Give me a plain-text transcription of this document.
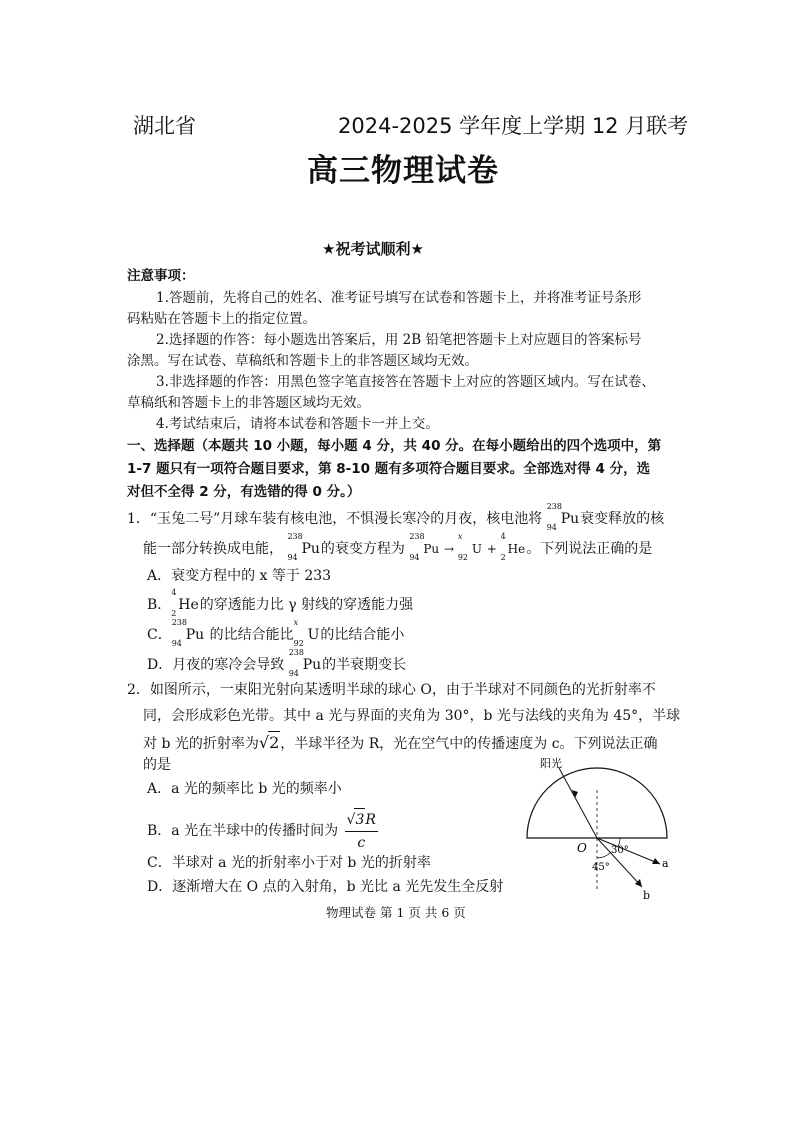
湖北省	2024-2025 学年度上学期 12 月联考
高三物理试卷
★祝考试顺利★
注意事项：
1.答题前，先将自己的姓名、准考证号填写在试卷和答题卡上，并将准考证号条形
码粘贴在答题卡上的指定位置。
2.选择题的作答：每小题选出答案后，用 2B 铅笔把答题卡上对应题目的答案标号
涂黑。写在试卷、草稿纸和答题卡上的非答题区域均无效。
3.非选择题的作答：用黑色签字笔直接答在答题卡上对应的答题区域内。写在试卷、
草稿纸和答题卡上的非答题区域均无效。
4.考试结束后，请将本试卷和答题卡一并上交。
一、选择题（本题共 10 小题，每小题 4 分，共 40 分。在每小题给出的四个选项中，第
1-7 题只有一项符合题目要求，第 8-10 题有多项符合题目要求。全部选对得 4 分，选
对但不全得 2 分，有选错的得 0 分。）
1．“玉兔二号”月球车装有核电池，不惧漫长寒冷的月夜，核电池将
238
94
Pu衰变释放的核
能一部分转换成电能，
238
94
Pu的衰变方程为
238
94
Pu →
x
92
U +
4
2
He。下列说法正确的是
A．衰变方程中的 x 等于 233
B．
4
2
He的穿透能力比 γ 射线的穿透能力强
C．
238
94
Pu 的比结合能比
x
92
U的比结合能小
D．月夜的寒冷会导致
238
94
Pu的半衰期变长
2．如图所示，一束阳光射向某透明半球的球心 O，由于半球对不同颜色的光折射率不
同，会形成彩色光带。其中 a 光与界面的夹角为 30°，b 光与法线的夹角为 45°，半球
对 b 光的折射率为√2，半球半径为 R，光在空气中的传播速度为 c。下列说法正确
的是
A．a 光的频率比 b 光的频率小
B．a 光在半球中的传播时间为 $\frac{√3R}{c}$
C．半球对 a 光的折射率小于对 b 光的折射率
D．逐渐增大在 O 点的入射角，b 光比 a 光先发生全反射
阳光
O 30°
45°	a
b
物理试卷 第 1 页 共 6 页
